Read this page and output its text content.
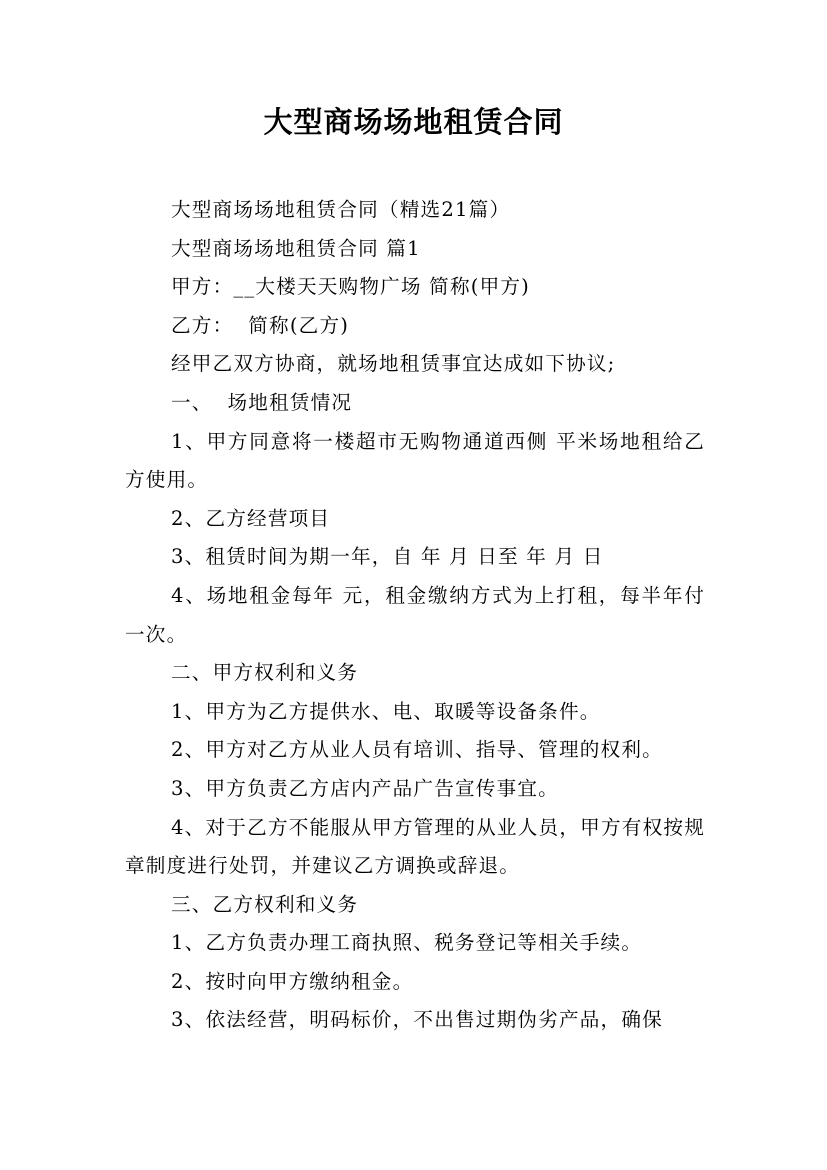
大型商场场地租赁合同

大型商场场地租赁合同（精选21篇）

大型商场场地租赁合同 篇1

甲方：__大楼天天购物广场 简称(甲方)

乙方：  简称(乙方)

经甲乙双方协商，就场地租赁事宜达成如下协议;

一、  场地租赁情况

1、甲方同意将一楼超市无购物通道西侧 平米场地租给乙方使用。

2、乙方经营项目

3、租赁时间为期一年，自 年 月 日至 年 月 日

4、场地租金每年 元，租金缴纳方式为上打租，每半年付一次。

二、甲方权利和义务

1、甲方为乙方提供水、电、取暖等设备条件。

2、甲方对乙方从业人员有培训、指导、管理的权利。

3、甲方负责乙方店内产品广告宣传事宜。

4、对于乙方不能服从甲方管理的从业人员，甲方有权按规章制度进行处罚，并建议乙方调换或辞退。

三、乙方权利和义务

1、乙方负责办理工商执照、税务登记等相关手续。

2、按时向甲方缴纳租金。

3、依法经营，明码标价，不出售过期伪劣产品，确保
